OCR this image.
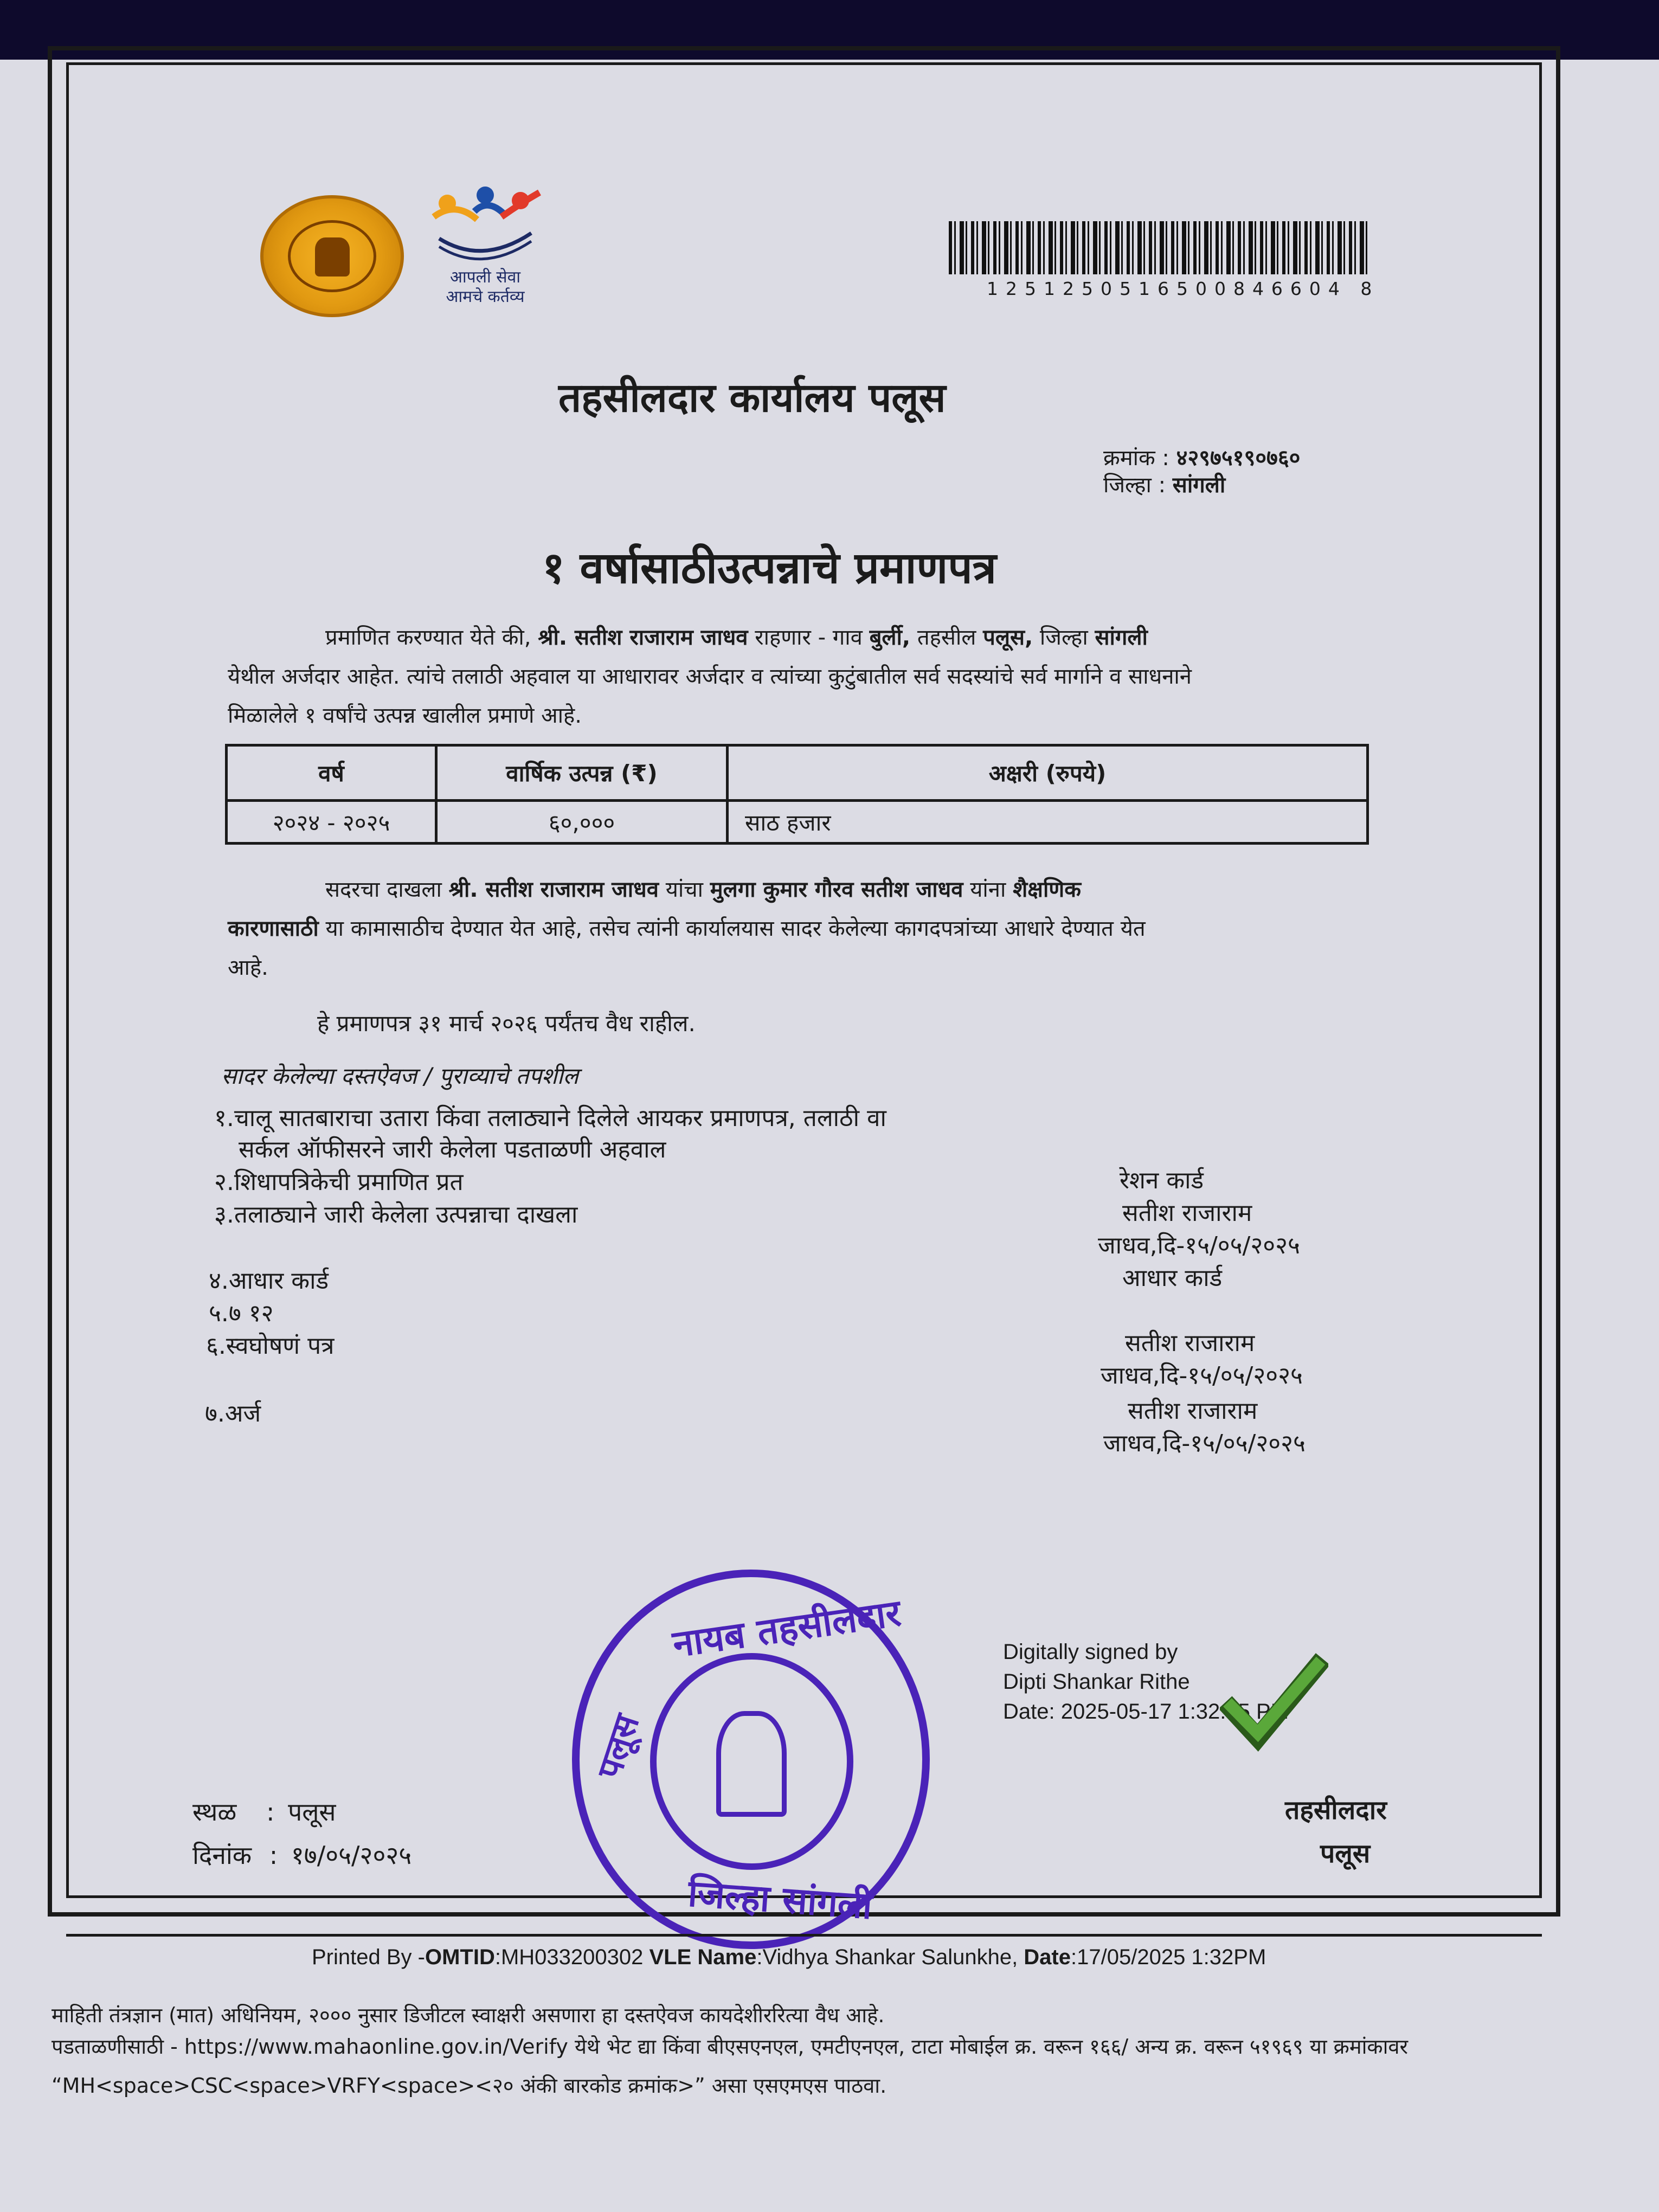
आपली सेवा
आमचे कर्तव्य	1251250516500846604 8
तहसीलदार कार्यालय पलूस
क्रमांक : ४२९७५१९०७६०
जिल्हा : सांगली
१ वर्षासाठीउत्पन्नाचे प्रमाणपत्र
प्रमाणित करण्यात येते की, श्री. सतीश राजाराम जाधव राहणार - गाव बुर्ली, तहसील पलूस, जिल्हा सांगली
येथील अर्जदार आहेत. त्यांचे तलाठी अहवाल या आधारावर अर्जदार व त्यांच्या कुटुंबातील सर्व सदस्यांचे सर्व मार्गाने व साधनाने
मिळालेले १ वर्षांचे उत्पन्न खालील प्रमाणे आहे.
वर्ष	वार्षिक उत्पन्न (₹)	अक्षरी (रुपये)
२०२४ - २०२५	६०,०००	साठ हजार
सदरचा दाखला श्री. सतीश राजाराम जाधव यांचा मुलगा कुमार गौरव सतीश जाधव यांना शैक्षणिक
कारणासाठी या कामासाठीच देण्यात येत आहे, तसेच त्यांनी कार्यालयास सादर केलेल्या कागदपत्रांच्या आधारे देण्यात येत
आहे.
हे प्रमाणपत्र ३१ मार्च २०२६ पर्यंतच वैध राहील.
सादर केलेल्या दस्तऐवज / पुराव्याचे तपशील
१.चालू सातबाराचा उतारा किंवा तलाठ्याने दिलेले आयकर प्रमाणपत्र, तलाठी वा
सर्कल ऑफीसरने जारी केलेला पडताळणी अहवाल
२.शिधापत्रिकेची प्रमाणित प्रत
३.तलाठ्याने जारी केलेला उत्पन्नाचा दाखला
४.आधार कार्ड
५.७ १२
६.स्वघोषणं पत्र
७.अर्ज
रेशन कार्ड
सतीश राजाराम
जाधव,दि-१५/०५/२०२५
आधार कार्ड
सतीश राजाराम
जाधव,दि-१५/०५/२०२५
सतीश राजाराम
जाधव,दि-१५/०५/२०२५
नायब तहसीलदार
पलूस
जिल्हा सांगली
Digitally signed by
Dipti Shankar Rithe
Date: 2025-05-17 1:32:45 PM
स्थळ : पलूस
दिनांक : १७/०५/२०२५
तहसीलदार
पलूस
Printed By -OMTID:MH033200302 VLE Name:Vidhya Shankar Salunkhe, Date:17/05/2025 1:32PM
माहिती तंत्रज्ञान (मात) अधिनियम, २००० नुसार डिजीटल स्वाक्षरी असणारा हा दस्तऐवज कायदेशीररित्या वैध आहे.
पडताळणीसाठी - https://www.mahaonline.gov.in/Verify येथे भेट द्या किंवा बीएसएनएल, एमटीएनएल, टाटा मोबाईल क्र. वरून १६६/ अन्य क्र. वरून ५१९६९ या क्रमांकावर
“MH<space>CSC<space>VRFY<space><२० अंकी बारकोड क्रमांक>” असा एसएमएस पाठवा.
